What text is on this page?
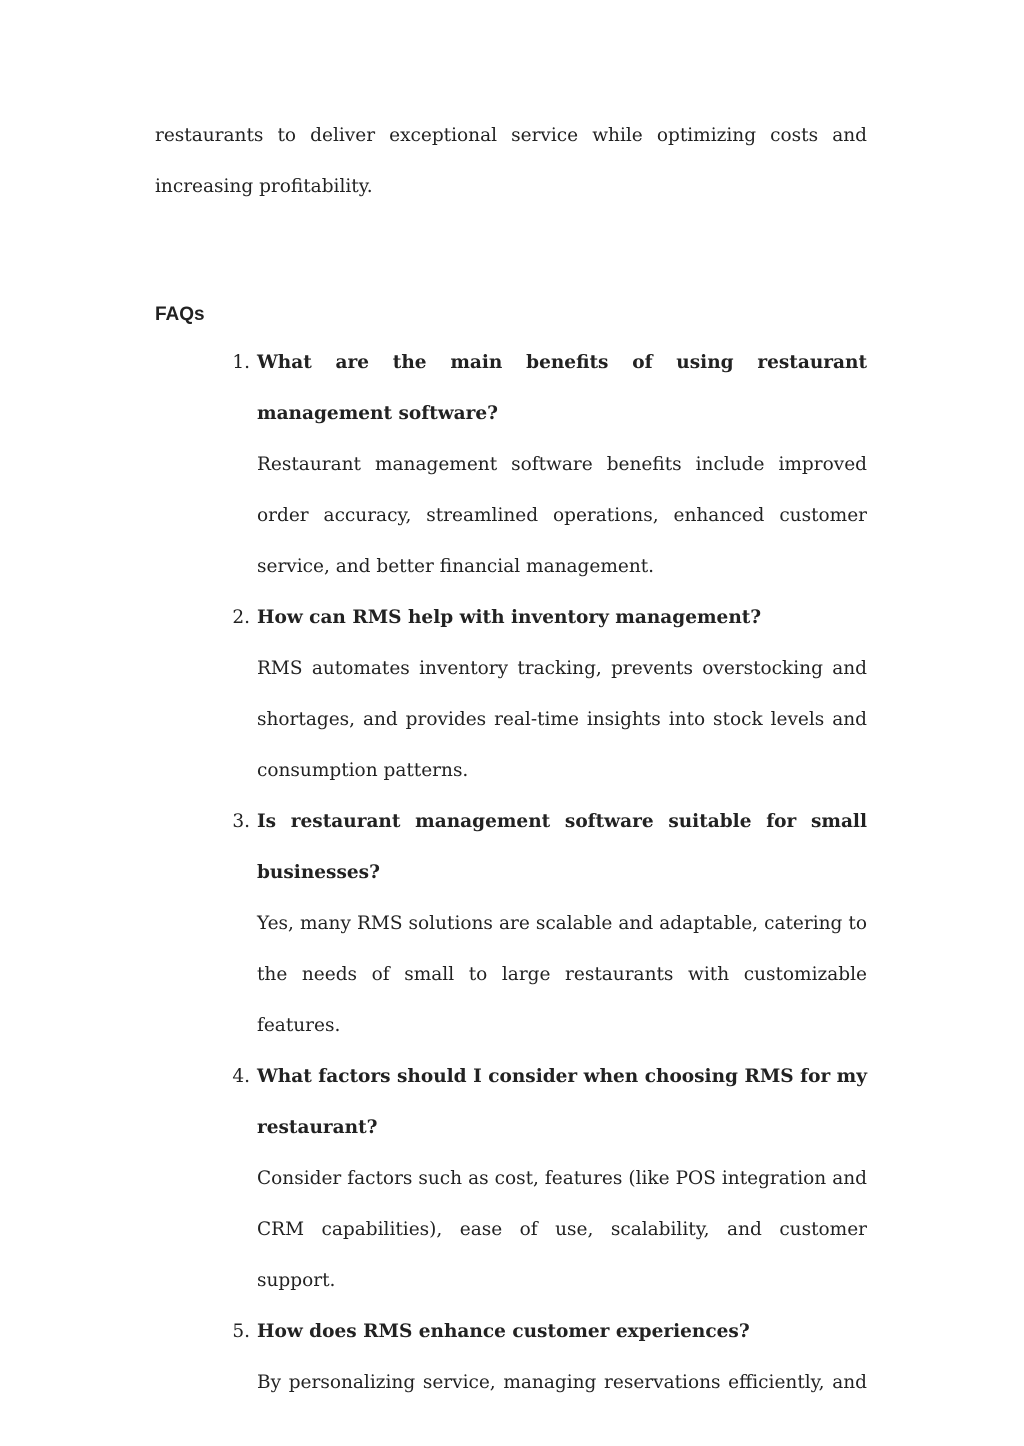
restaurants to deliver exceptional service while optimizing costs and increasing profitability.

FAQs
1. What are the main benefits of using restaurant management software?

Restaurant management software benefits include improved order accuracy, streamlined operations, enhanced customer service, and better financial management.

2. How can RMS help with inventory management?

RMS automates inventory tracking, prevents overstocking and shortages, and provides real-time insights into stock levels and consumption patterns.

3. Is restaurant management software suitable for small businesses?

Yes, many RMS solutions are scalable and adaptable, catering to the needs of small to large restaurants with customizable features.

4. What factors should I consider when choosing RMS for my restaurant?

Consider factors such as cost, features (like POS integration and CRM capabilities), ease of use, scalability, and customer support.

5. How does RMS enhance customer experiences?

By personalizing service, managing reservations efficiently, and
